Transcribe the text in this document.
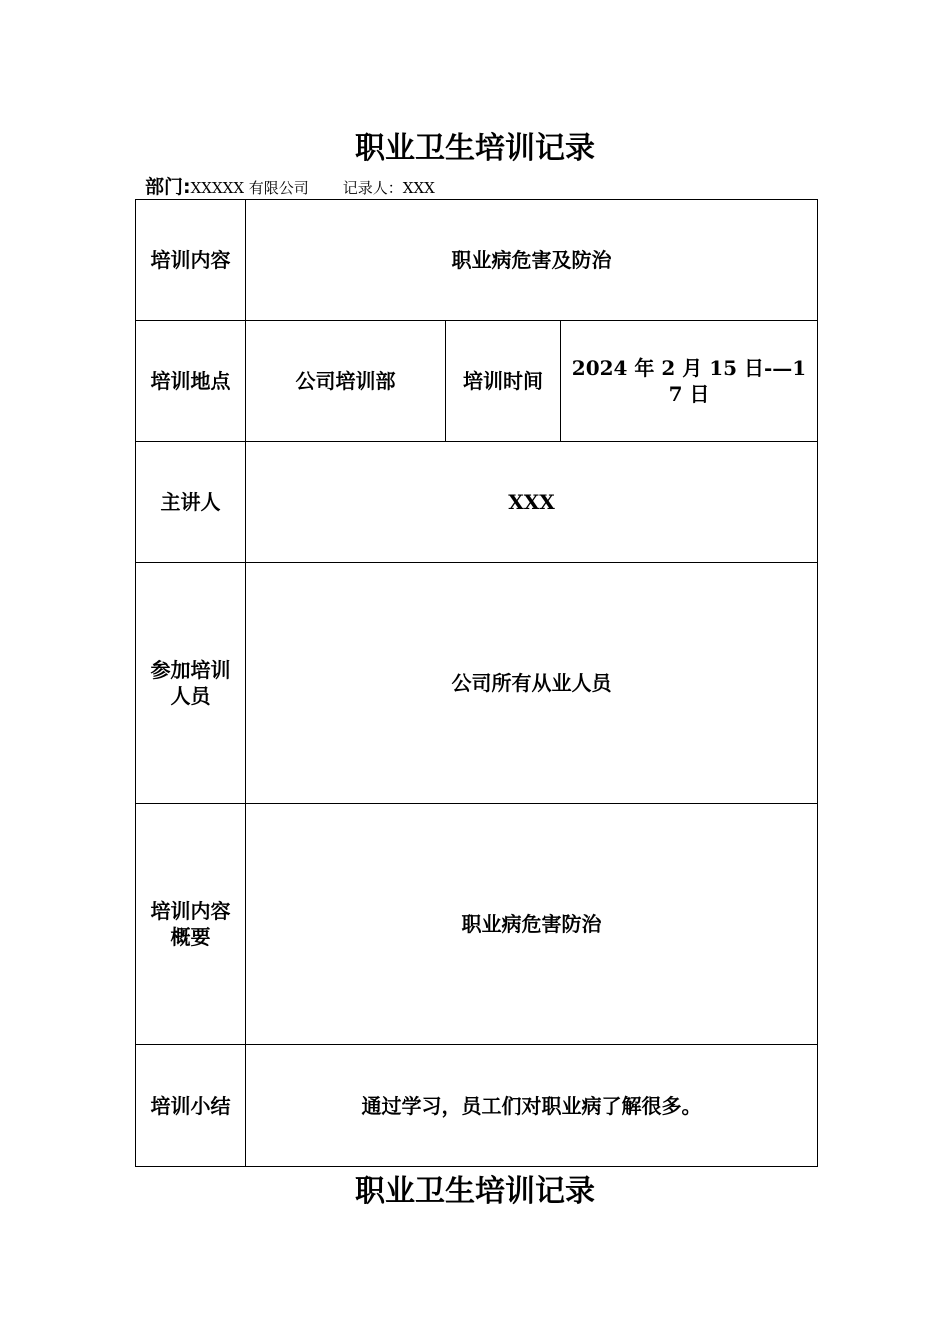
职业卫生培训记录
部门:XXXXX 有限公司 记录人：XXX
培训内容	职业病危害及防治		
培训地点	公司培训部	培训时间	2024 年 2 月 15 日-—17 日
主讲人	XXX		
参加培训人员	公司所有从业人员		
培训内容概要	职业病危害防治		
培训小结	通过学习，员工们对职业病了解很多。		
职业卫生培训记录
